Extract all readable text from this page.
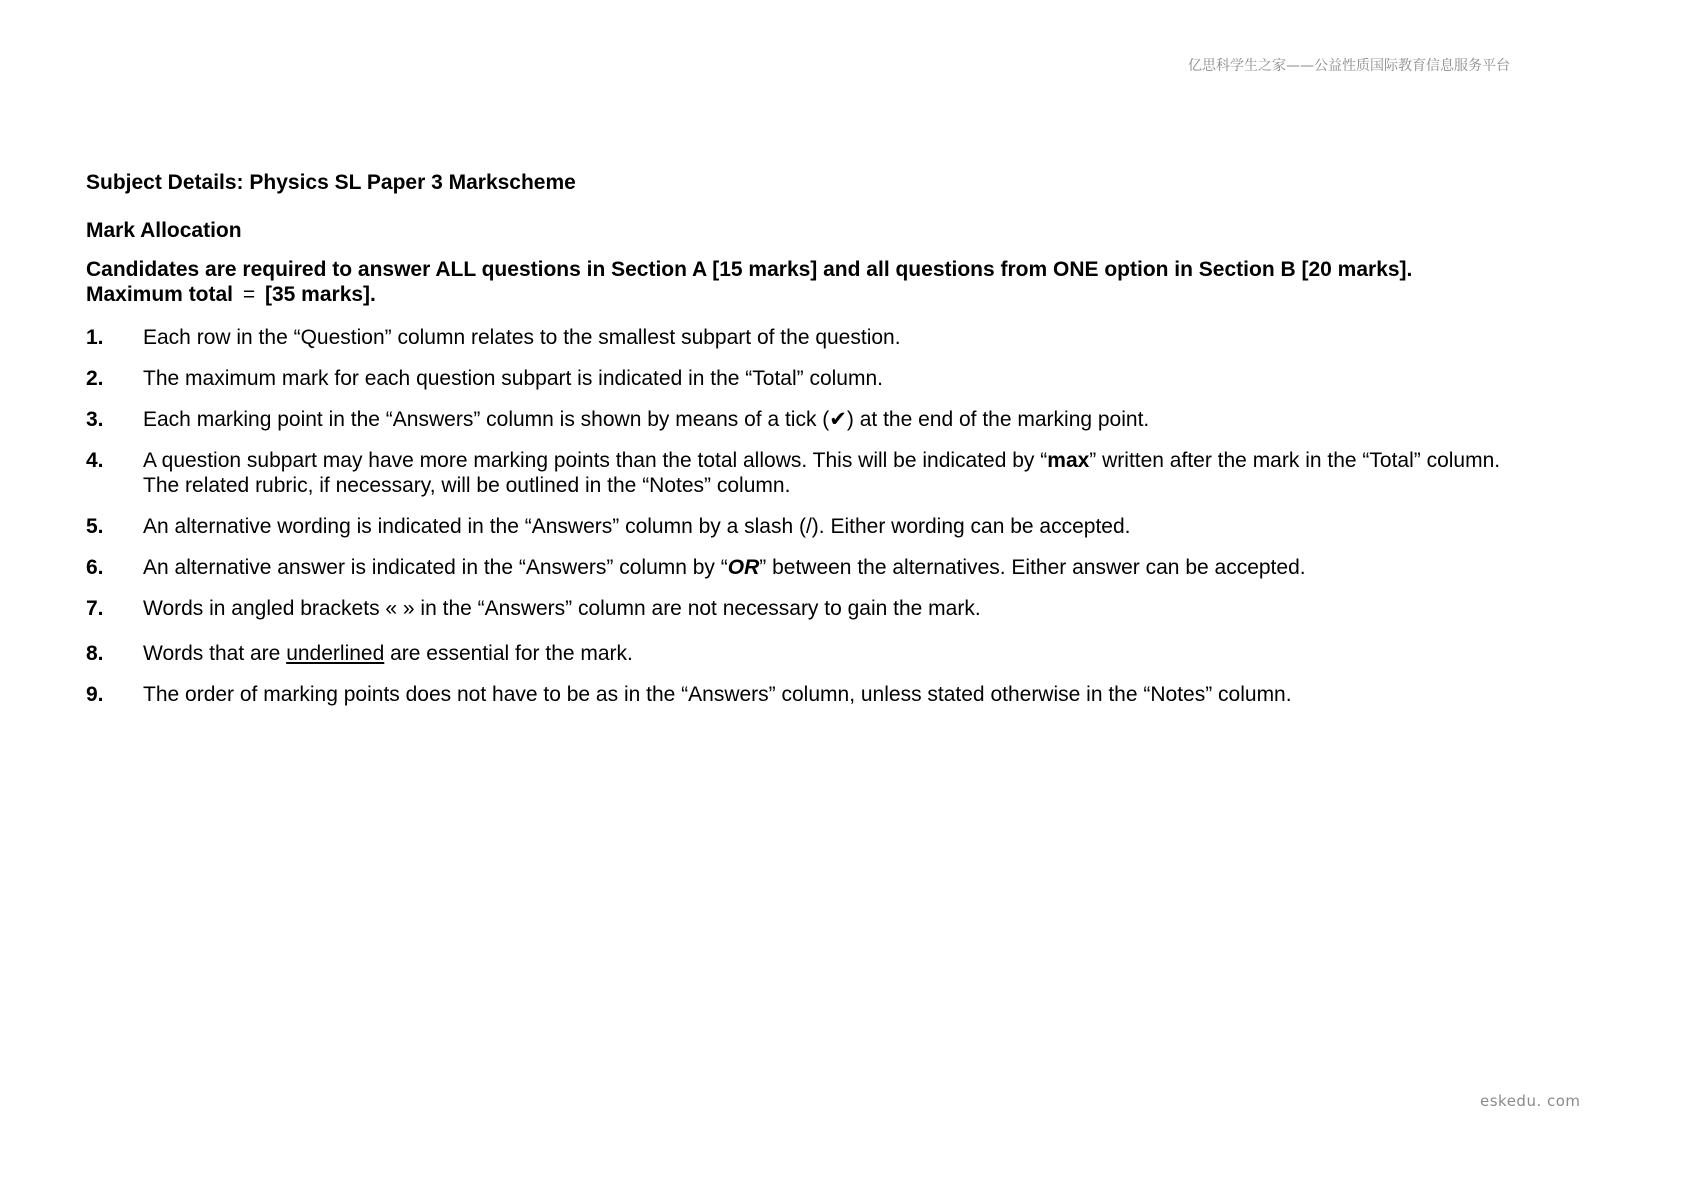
亿思科学生之家——公益性质国际教育信息服务平台
Subject Details: Physics SL Paper 3 Markscheme
Mark Allocation
Candidates are required to answer ALL questions in Section A [15 marks] and all questions from ONE option in Section B [20 marks].
Maximum total = [35 marks].
1.	Each row in the “Question” column relates to the smallest subpart of the question.
2.	The maximum mark for each question subpart is indicated in the “Total” column.
3.	Each marking point in the “Answers” column is shown by means of a tick (✔) at the end of the marking point.
4.	A question subpart may have more marking points than the total allows. This will be indicated by “max” written after the mark in the “Total” column.
The related rubric, if necessary, will be outlined in the “Notes” column.
5.	An alternative wording is indicated in the “Answers” column by a slash (/). Either wording can be accepted.
6.	An alternative answer is indicated in the “Answers” column by “OR” between the alternatives. Either answer can be accepted.
7.	Words in angled brackets « » in the “Answers” column are not necessary to gain the mark.
8.	Words that are underlined are essential for the mark.
9.	The order of marking points does not have to be as in the “Answers” column, unless stated otherwise in the “Notes” column.
eskedu. com
